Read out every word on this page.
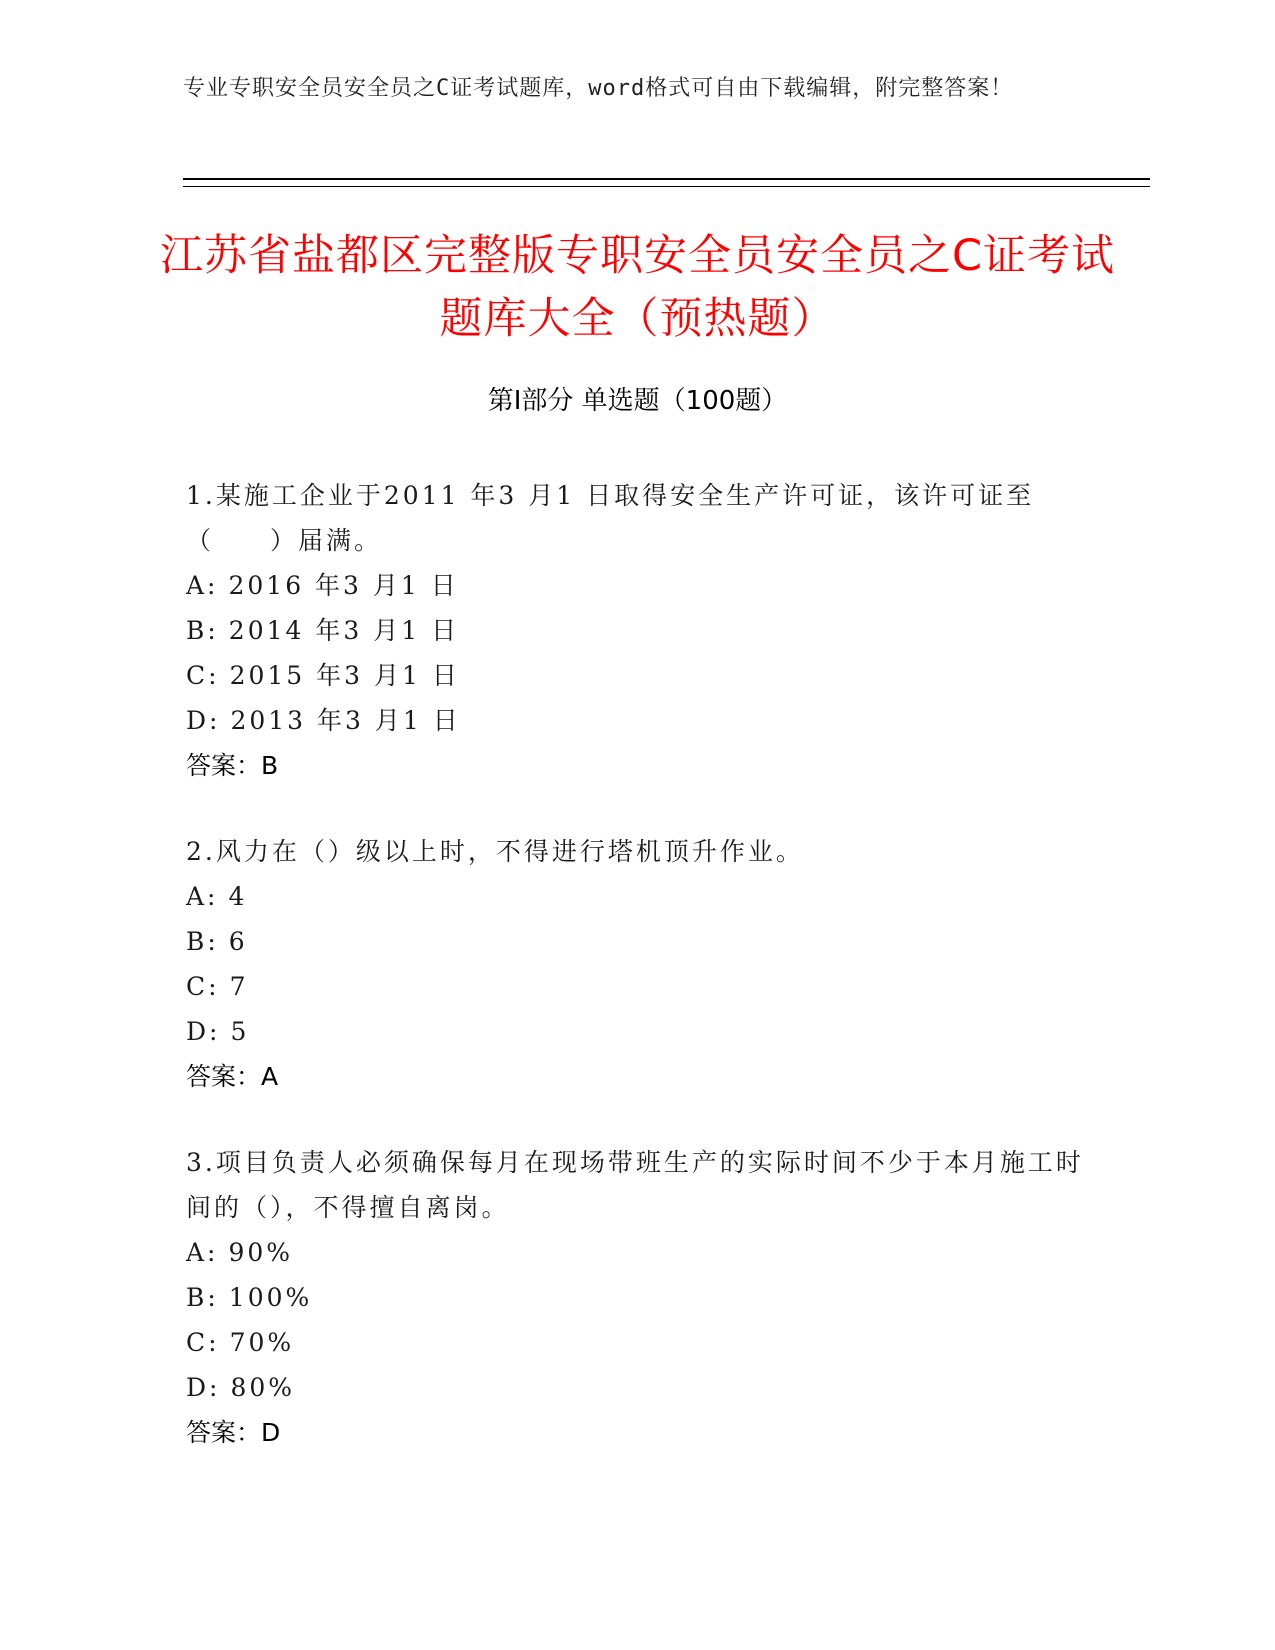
专业专职安全员安全员之C证考试题库，word格式可自由下载编辑，附完整答案！
江苏省盐都区完整版专职安全员安全员之C证考试题库大全（预热题）
第Ⅰ部分 单选题（100题）
1.某施工企业于2011 年3 月1 日取得安全生产许可证，该许可证至（　　）届满。
A: 2016 年3 月1 日
B: 2014 年3 月1 日
C: 2015 年3 月1 日
D: 2013 年3 月1 日
答案：B
2.风力在（）级以上时，不得进行塔机顶升作业。
A: 4
B: 6
C: 7
D: 5
答案：A
3.项目负责人必须确保每月在现场带班生产的实际时间不少于本月施工时间的（），不得擅自离岗。
A: 90%
B: 100%
C: 70%
D: 80%
答案：D
